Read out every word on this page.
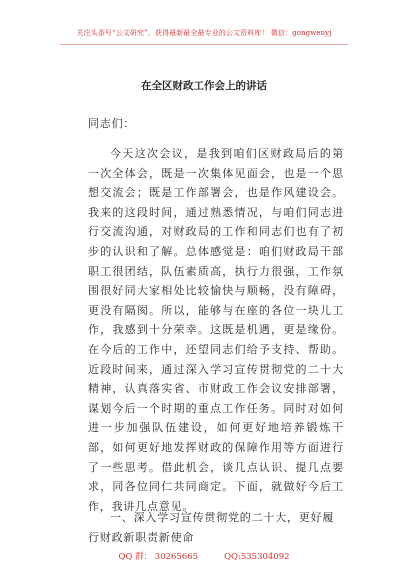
关注头条号“公文研究”，获得最新最全最专业的公文资料库！ 微信：gongwenyj
在全区财政工作会上的讲话
同志们：
今天这次会议，是我到咱们区财政局后的第一次全体会，既是一次集体见面会，也是一个思想交流会；既是工作部署会，也是作风建设会。我来的这段时间，通过熟悉情况，与咱们同志进行交流沟通，对财政局的工作和同志们也有了初步的认识和了解。总体感觉是：咱们财政局干部职工很团结，队伍素质高，执行力很强，工作氛围很好同大家相处比较愉快与顺畅，没有障碍，更没有隔阂。所以，能够与在座的各位一块儿工作，我感到十分荣幸。这既是机遇，更是缘份。在今后的工作中，还望同志们给予支持、帮助。近段时间来，通过深入学习宣传贯彻党的二十大精神，认真落实省、市财政工作会议安排部署，谋划今后一个时期的重点工作任务。同时对如何进一步加强队伍建设，如何更好地培养锻炼干部，如何更好地发挥财政的保障作用等方面进行了一些思考。借此机会，谈几点认识、提几点要求，同各位同仁共同商定。下面，就做好今后工作，我讲几点意见。
一、深入学习宣传贯彻党的二十大，更好履行财政新职责新使命
QQ 群： 30265665	QQ:535304092
